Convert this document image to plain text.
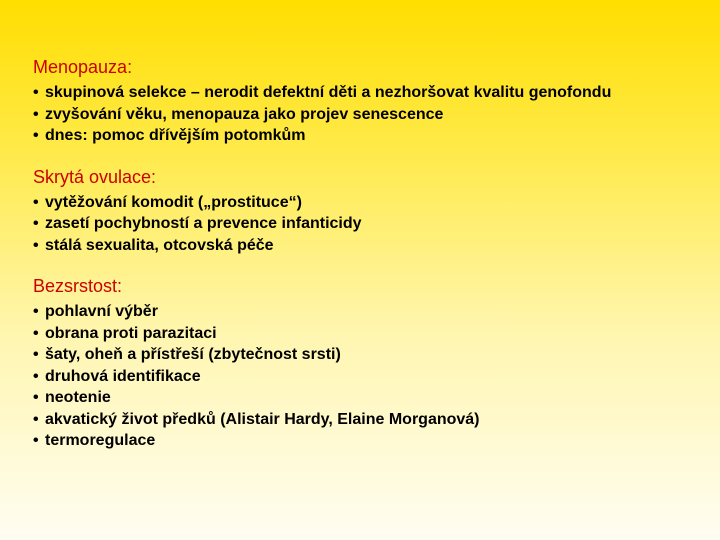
Menopauza:
• skupinová selekce – nerodit defektní děti a nezhoršovat kvalitu genofondu
• zvyšování věku, menopauza jako projev senescence
• dnes: pomoc dřívějším potomkům
Skrytá ovulace:
• vytěžování komodit („prostituce“)
• zasetí pochybností a prevence infanticidy
• stálá sexualita, otcovská péče
Bezsrstost:
• pohlavní výběr
• obrana proti parazitaci
• šaty, oheň a přístřeší (zbytečnost srsti)
• druhová identifikace
• neotenie
• akvatický život předků (Alistair Hardy, Elaine Morganová)
• termoregulace
